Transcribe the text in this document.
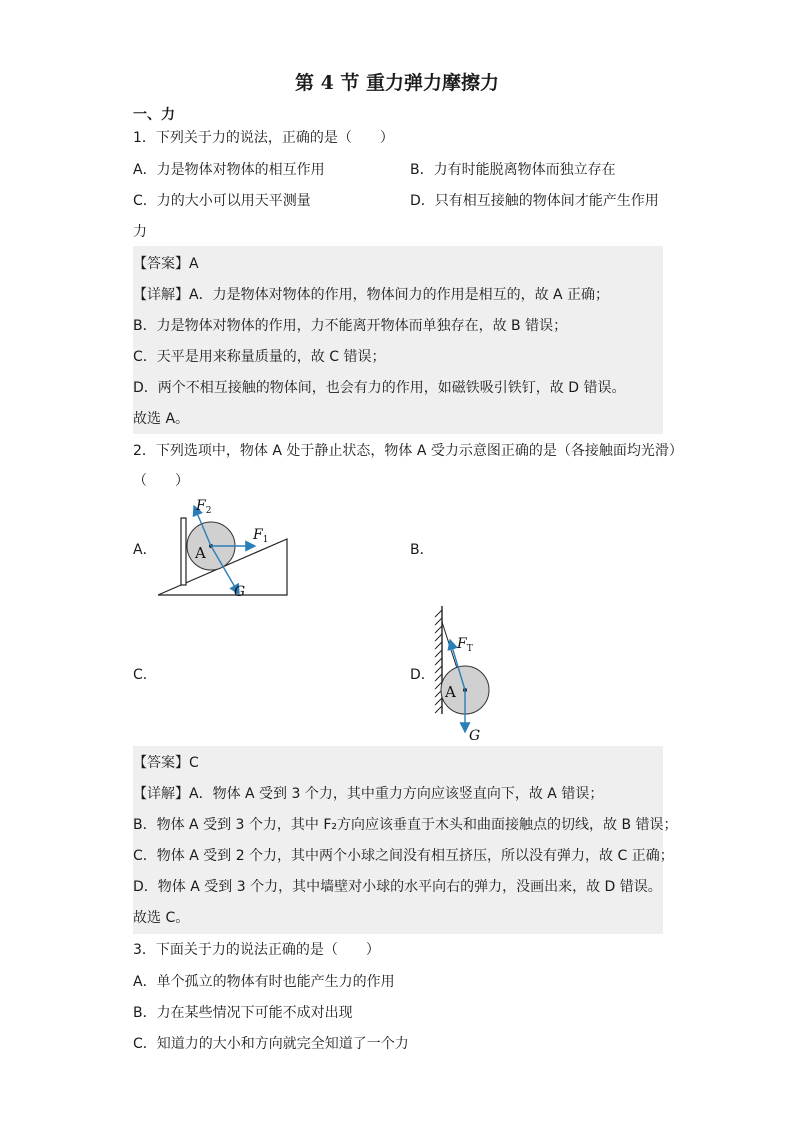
第 4 节 重力弹力摩擦力
一、力
1．下列关于力的说法，正确的是（　　）
A．力是物体对物体的相互作用	B．力有时能脱离物体而独立存在
C．力的大小可以用天平测量	D．只有相互接触的物体间才能产生作用
力
【答案】A
【详解】A．力是物体对物体的作用，物体间力的作用是相互的，故 A 正确；
B．力是物体对物体的作用，力不能离开物体而单独存在，故 B 错误；
C．天平是用来称量质量的，故 C 错误；
D．两个不相互接触的物体间，也会有力的作用，如磁铁吸引铁钉，故 D 错误。
故选 A。
2．下列选项中，物体 A 处于静止状态，物体 A 受力示意图正确的是（各接触面均光滑）
（　　）
A．	B．
C．	D．
$F_2$
$F_1$
A
G
$F_T$
A
G
【答案】C
【详解】A．物体 A 受到 3 个力，其中重力方向应该竖直向下，故 A 错误；
B．物体 A 受到 3 个力，其中 F₂方向应该垂直于木头和曲面接触点的切线，故 B 错误；
C．物体 A 受到 2 个力，其中两个小球之间没有相互挤压，所以没有弹力，故 C 正确；
D．物体 A 受到 3 个力，其中墙壁对小球的水平向右的弹力，没画出来，故 D 错误。
故选 C。
3．下面关于力的说法正确的是（　　）
A．单个孤立的物体有时也能产生力的作用
B．力在某些情况下可能不成对出现
C．知道力的大小和方向就完全知道了一个力
